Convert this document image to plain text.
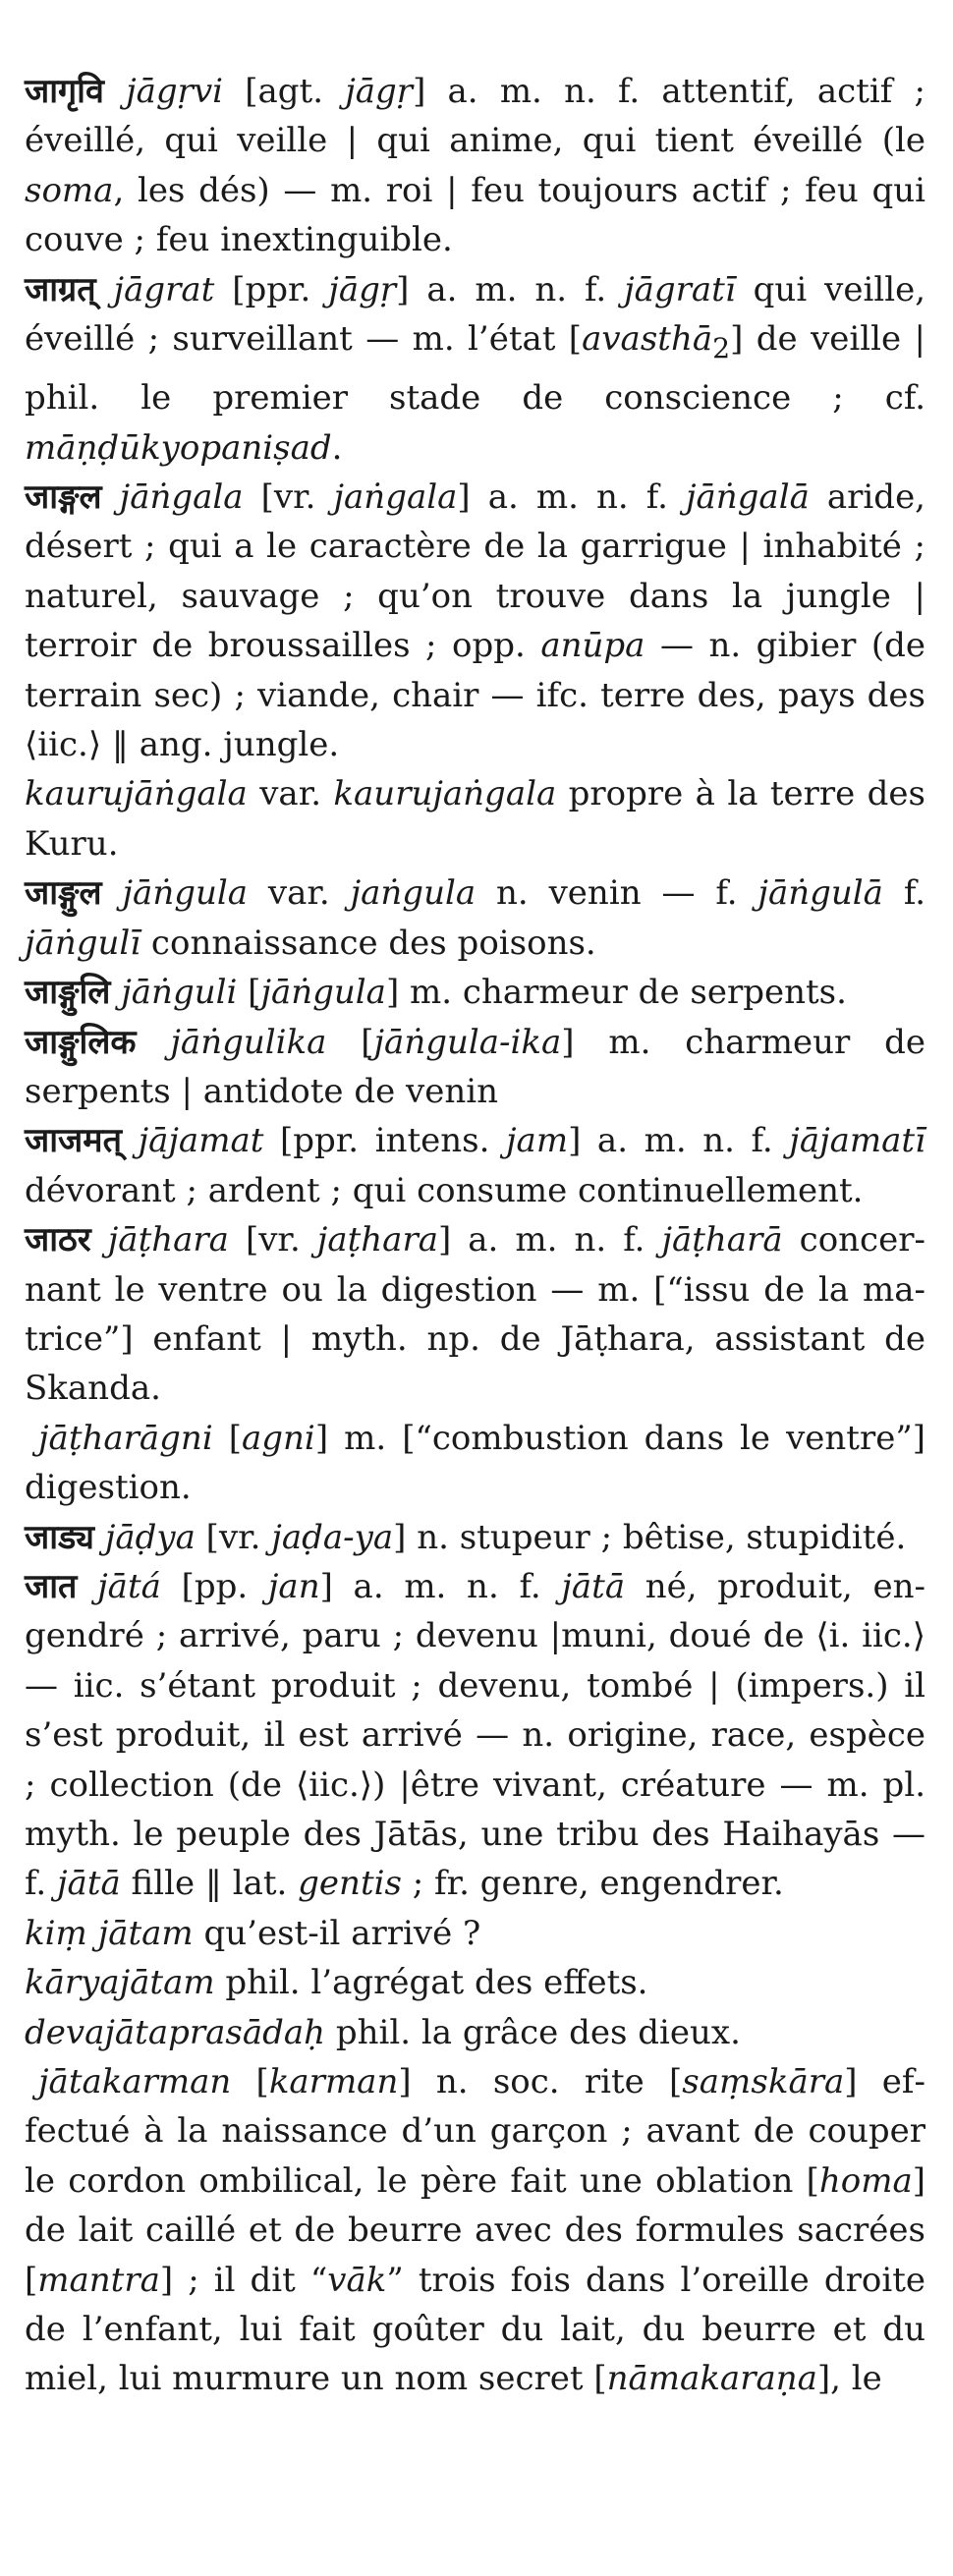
जागृवि jāgṛvi [agt. jāgṛ] a. m. n. f. attentif, actif ; éveillé, qui veille | qui anime, qui tient éveillé (le soma, les dés) — m. roi | feu toujours actif ; feu qui couve ; feu inextinguible.

जाग्रत् jāgrat [ppr. jāgṛ] a. m. n. f. jāgratī qui veille, éveillé ; surveillant — m. l’état [avasthā$_2$] de veille | phil. le premier stade de conscience ; cf. māṇḍūkyopaniṣad.

जाङ्गल jāṅgala [vr. jaṅgala] a. m. n. f. jāṅgalā aride, désert ; qui a le caractère de la garrigue | inhabité ; naturel, sauvage ; qu’on trouve dans la jungle | terroir de broussailles ; opp. anūpa — n. gibier (de terrain sec) ; viande, chair — ifc. terre des, pays des ⟨iic.⟩ ‖ ang. jungle.

kaurujāṅgala var. kaurujaṅgala propre à la terre des Kuru.

जाङ्गुल jāṅgula var. jaṅgula n. venin — f. jāṅgulā f. jāṅgulī connaissance des poisons.

जाङ्गुलि jāṅguli [jāṅgula] m. charmeur de serpents.

जाङ्गुलिक jāṅgulika [jāṅgula-ika] m. charmeur de serpents | antidote de venin

जाजमत् jājamat [ppr. intens. jam] a. m. n. f. jājamatī dévorant ; ardent ; qui consume continuellement.

जाठर jāṭhara [vr. jaṭhara] a. m. n. f. jāṭharā concernant le ventre ou la digestion — m. [“issu de la matrice”] enfant | myth. np. de Jāṭhara, assistant de Skanda.

jāṭharāgni [agni] m. [“combustion dans le ventre”] digestion.

जाड्य jāḍya [vr. jaḍa-ya] n. stupeur ; bêtise, stupidité.

जात jātá [pp. jan] a. m. n. f. jātā né, produit, engendré ; arrivé, paru ; devenu |muni, doué de ⟨i. iic.⟩ — iic. s’étant produit ; devenu, tombé | (impers.) il s’est produit, il est arrivé — n. origine, race, espèce ; collection (de ⟨iic.⟩) |être vivant, créature — m. pl. myth. le peuple des Jātās, une tribu des Haihayās — f. jātā fille ‖ lat. gentis ; fr. genre, engendrer.

kiṃ jātam qu’est-il arrivé ?

kāryajātam phil. l’agrégat des effets.

devajātaprasādaḥ phil. la grâce des dieux.

jātakarman [karman] n. soc. rite [saṃskāra] effectué à la naissance d’un garçon ; avant de couper le cordon ombilical, le père fait une oblation [homa] de lait caillé et de beurre avec des formules sacrées [mantra] ; il dit “vāk” trois fois dans l’oreille droite de l’enfant, lui fait goûter du lait, du beurre et du miel, lui murmure un nom secret [nāmakaraṇa], le
